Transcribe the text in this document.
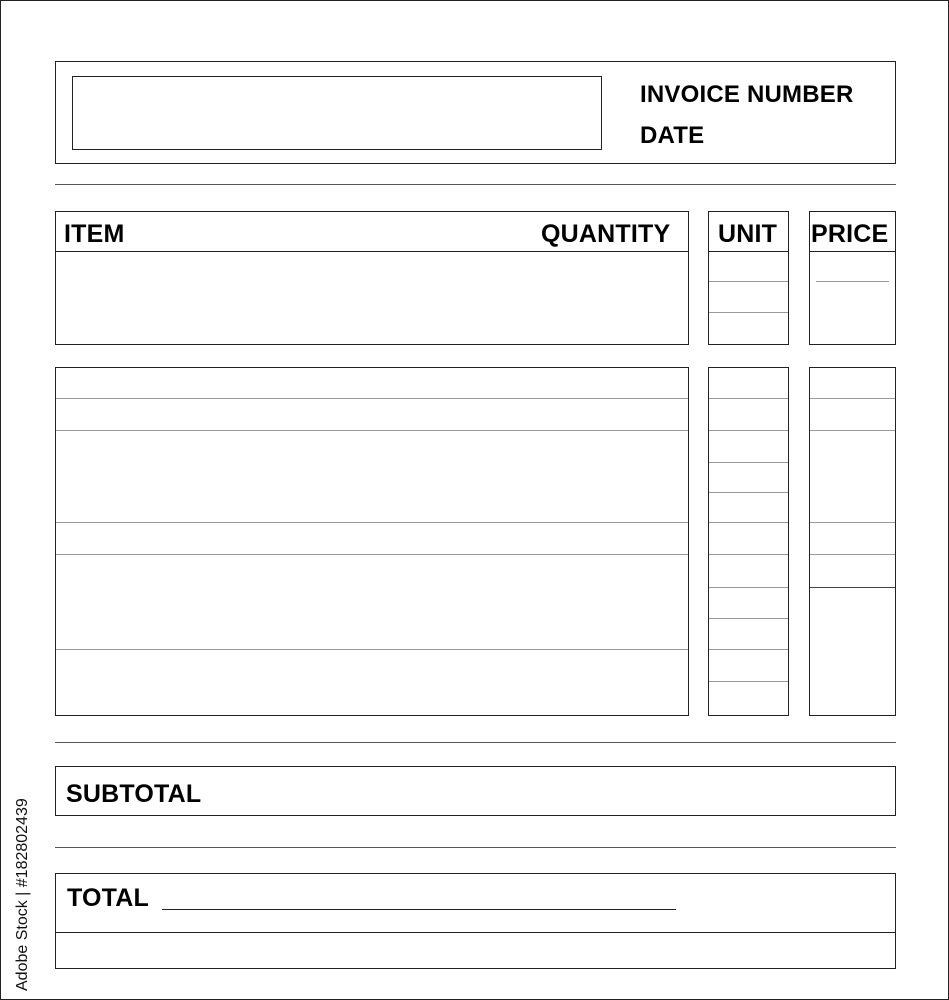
INVOICE NUMBER
DATE
ITEM	QUANTITY UNIT PRICE
SUBTOTAL
TOTAL
Adobe Stock | #182802439
